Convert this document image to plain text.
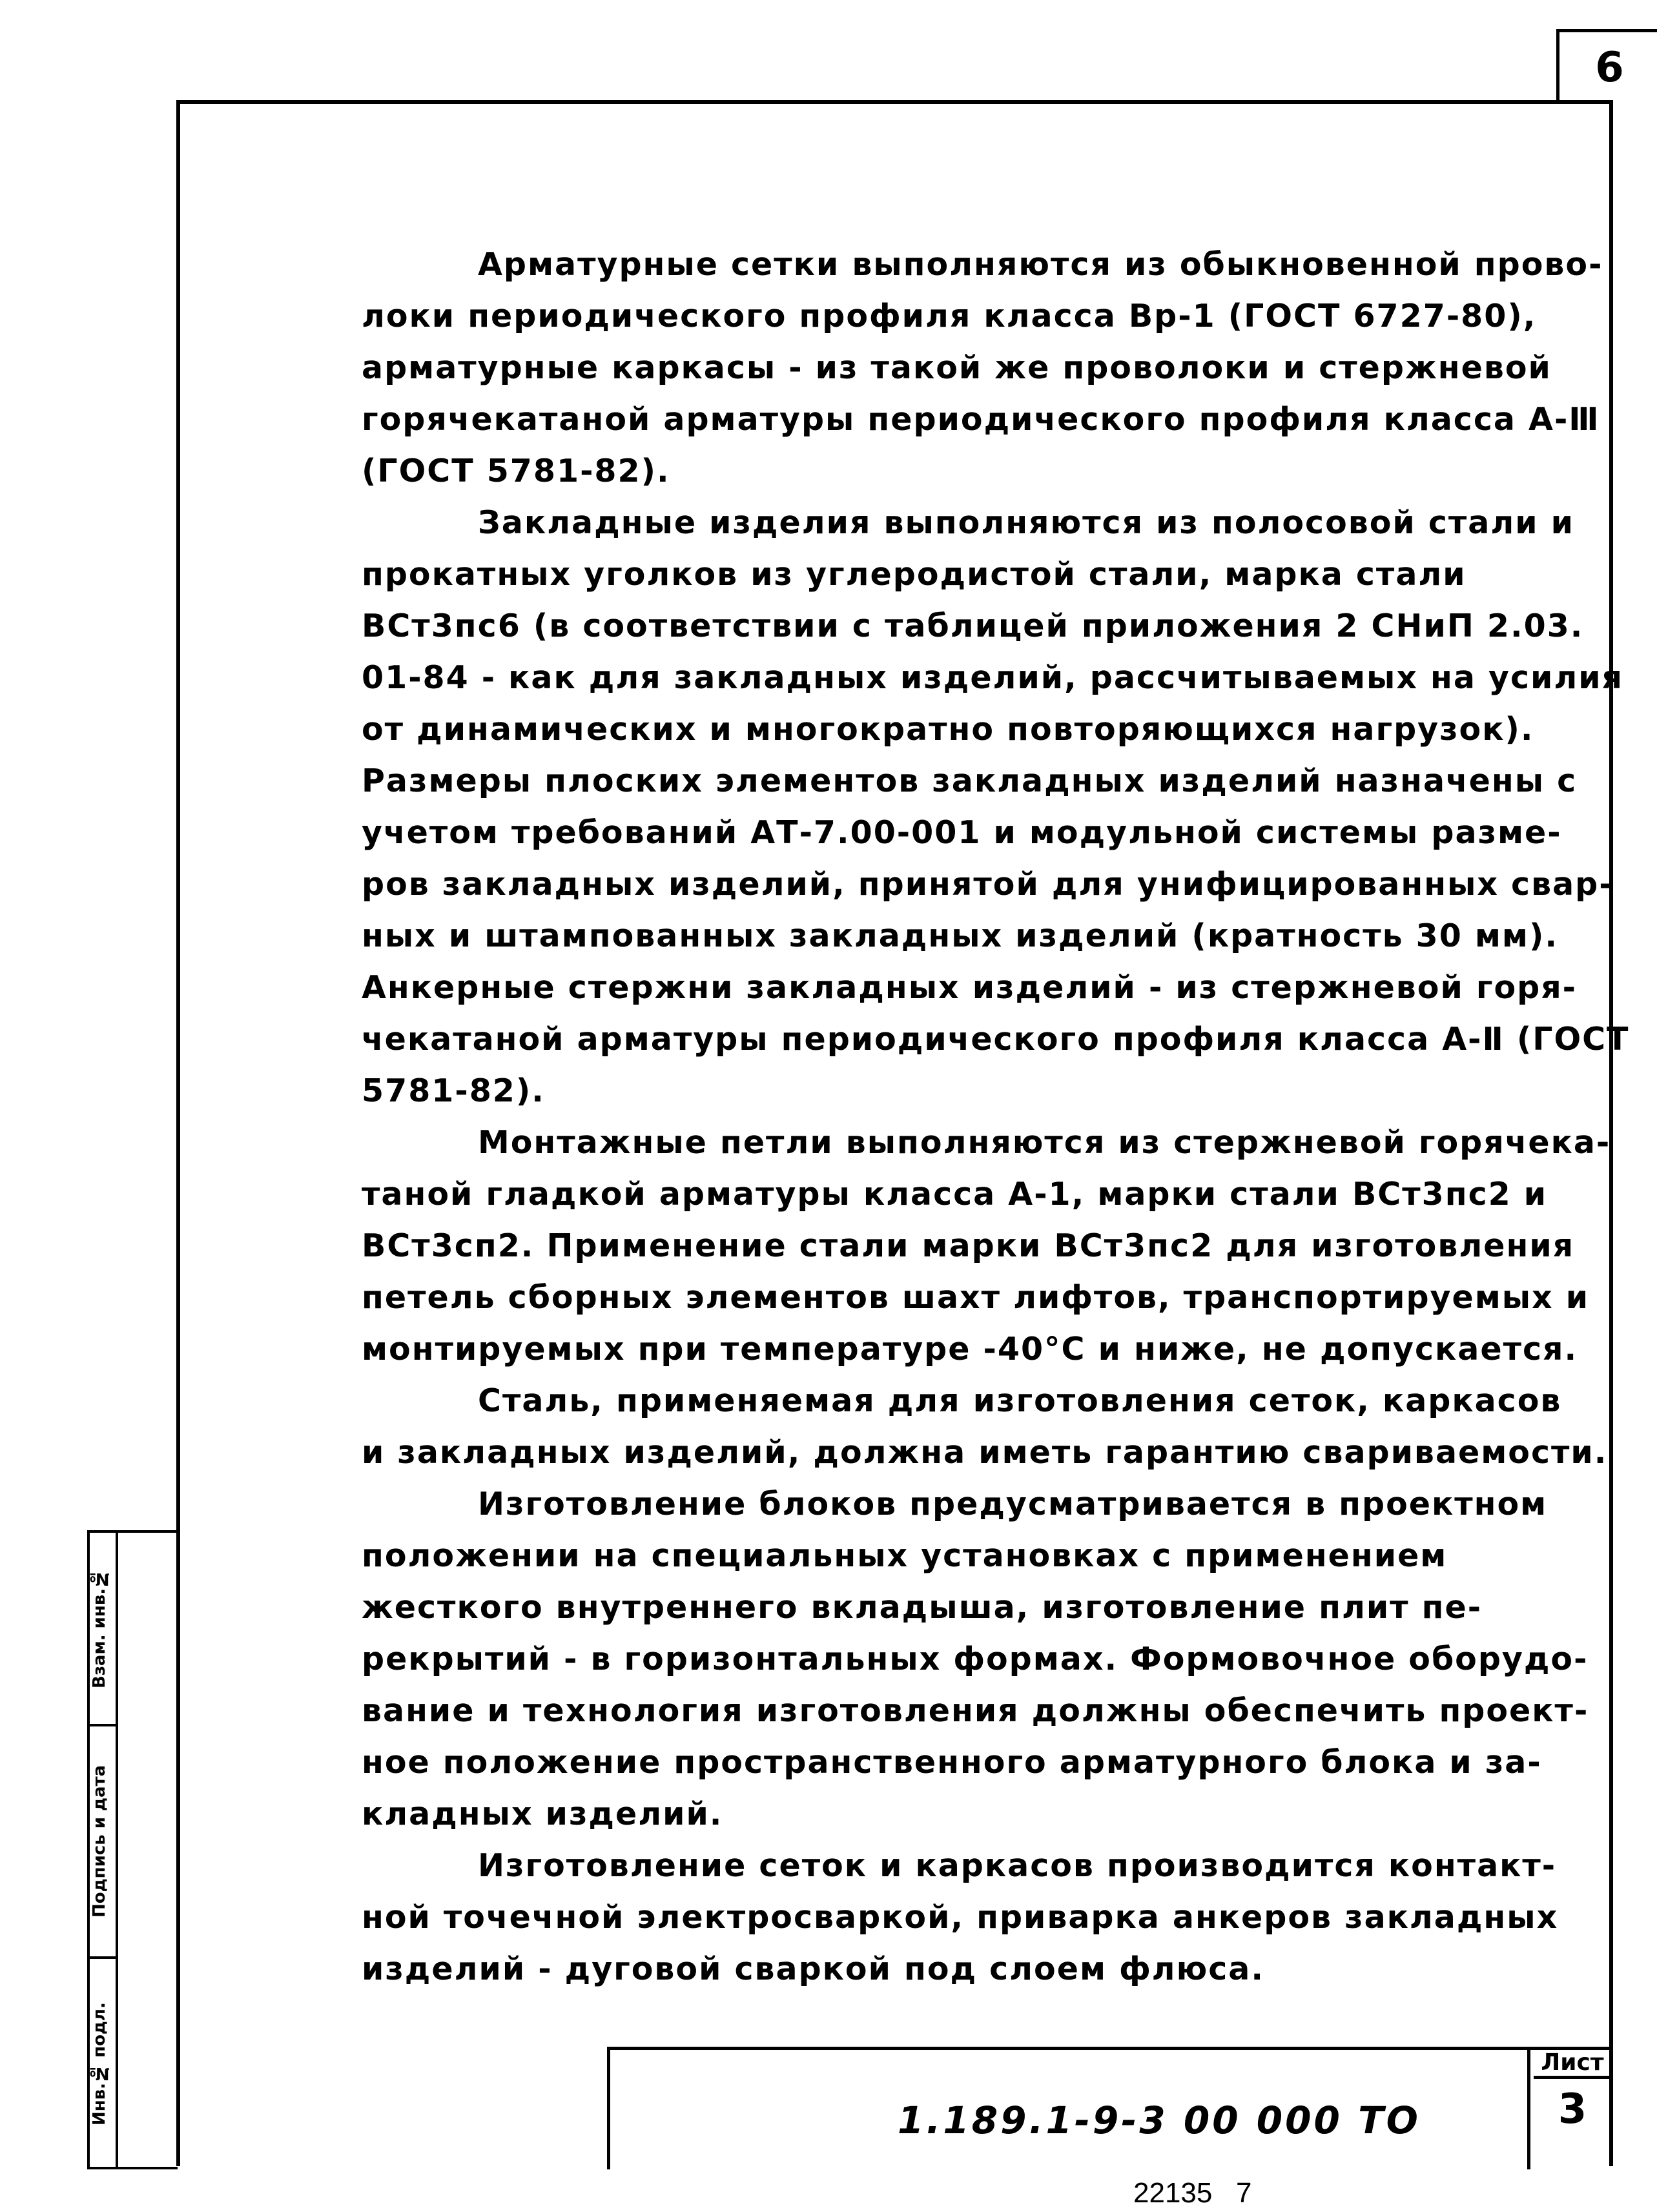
6

Арматурные сетки выполняются из обыкновенной прово-
локи периодического профиля класса Вр-1 (ГОСТ 6727-80),
арматурные каркасы - из такой же проволоки и стержневой
горячекатаной арматуры периодического профиля класса А-Ⅲ
(ГОСТ 5781-82).

Закладные изделия выполняются из полосовой стали и
прокатных уголков из углеродистой стали, марка стали
ВСт3пс6 (в соответствии с таблицей приложения 2 СНиП 2.03.
01-84 - как для закладных изделий, рассчитываемых на усилия
от динамических и многократно повторяющихся нагрузок).
Размеры плоских элементов закладных изделий назначены с
учетом требований АТ-7.00-001 и модульной системы разме-
ров закладных изделий, принятой для унифицированных свар-
ных и штампованных закладных изделий (кратность 30 мм).
Анкерные стержни закладных изделий - из стержневой горя-
чекатаной арматуры периодического профиля класса А-Ⅱ (ГОСТ
5781-82).

Монтажные петли выполняются из стержневой горячека-
таной гладкой арматуры класса А-1, марки стали ВСт3пс2 и
ВСт3сп2. Применение стали марки ВСт3пс2 для изготовления
петель сборных элементов шахт лифтов, транспортируемых и
монтируемых при температуре -40°С и ниже, не допускается.

Сталь, применяемая для изготовления сеток, каркасов
и закладных изделий, должна иметь гарантию свариваемости.

Изготовление блоков предусматривается в проектном
положении на специальных установках с применением
жесткого внутреннего вкладыша, изготовление плит пе-
рекрытий - в горизонтальных формах. Формовочное оборудо-
вание и технология изготовления должны обеспечить проект-
ное положение пространственного арматурного блока и за-
кладных изделий.

Изготовление сеток и каркасов производится контакт-
ной точечной электросваркой, приварка анкеров закладных
изделий - дуговой сваркой под слоем флюса.

Взам. инв.№
Подпись и дата
Инв.№ подл.	1.189.1-9-3 00 000 ТО
Лист
3
22135   7
